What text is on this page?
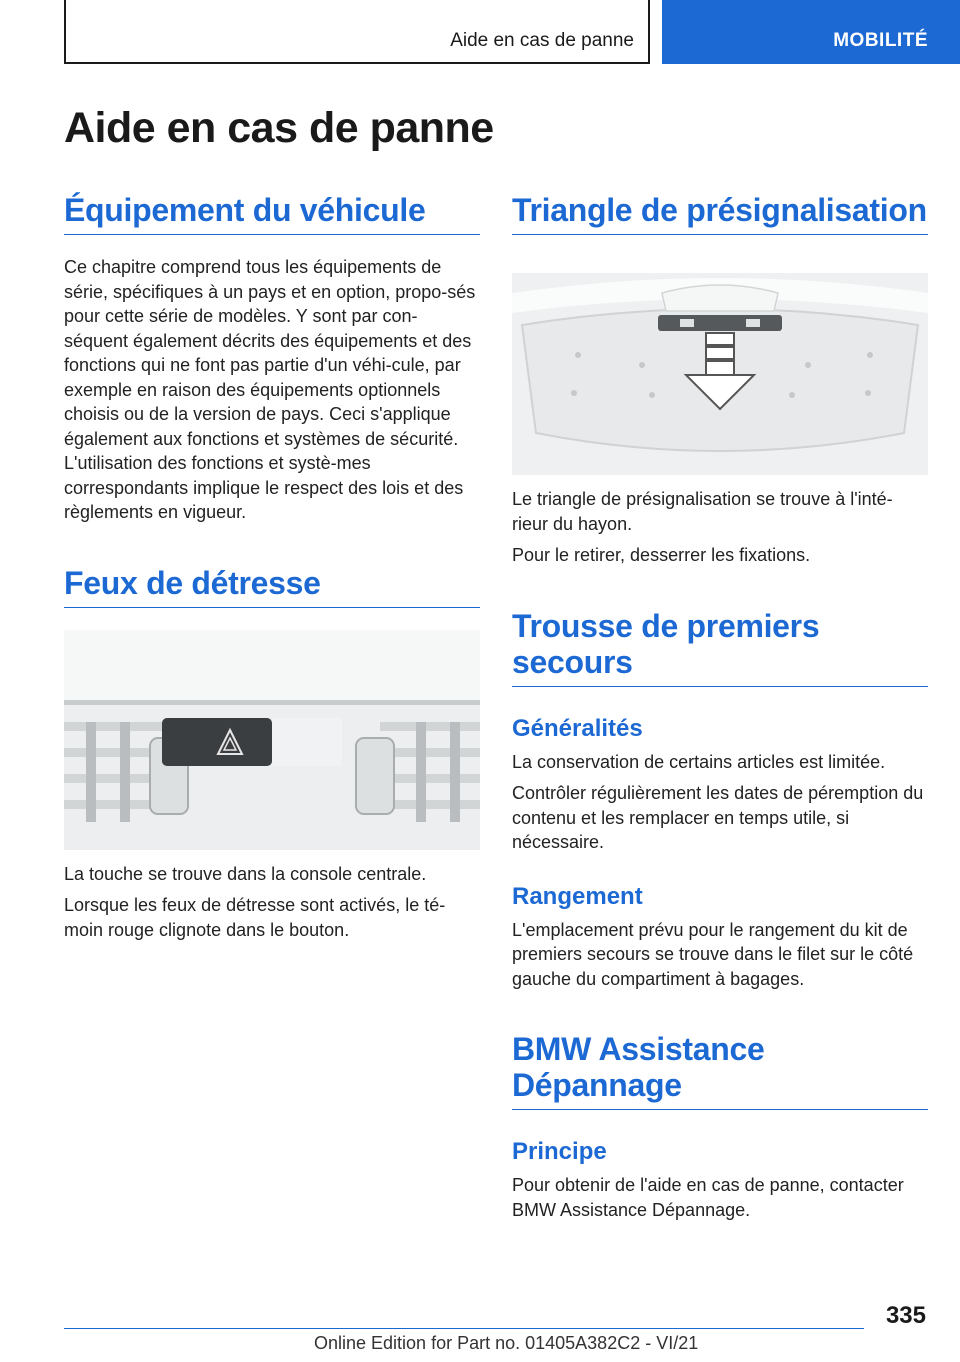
Aide en cas de panne	MOBILITÉ
Aide en cas de panne
Équipement du véhicule

Ce chapitre comprend tous les équipements de série, spécifiques à un pays et en option, propo-sés pour cette série de modèles. Y sont par con-séquent également décrits des équipements et des fonctions qui ne font pas partie d'un véhi-cule, par exemple en raison des équipements optionnels choisis ou de la version de pays. Ceci s'applique également aux fonctions et systèmes de sécurité. L'utilisation des fonctions et systè-mes correspondants implique le respect des lois et des règlements en vigueur.

Feux de détresse

La touche se trouve dans la console centrale.

Lorsque les feux de détresse sont activés, le té-moin rouge clignote dans le bouton.

Triangle de présignalisation

Le triangle de présignalisation se trouve à l'inté-rieur du hayon.

Pour le retirer, desserrer les fixations.

Trousse de premiers secours
Généralités

La conservation de certains articles est limitée.

Contrôler régulièrement les dates de péremption du contenu et les remplacer en temps utile, si nécessaire.

Rangement

L'emplacement prévu pour le rangement du kit de premiers secours se trouve dans le filet sur le côté gauche du compartiment à bagages.

BMW Assistance Dépannage
Principe

Pour obtenir de l'aide en cas de panne, contacter BMW Assistance Dépannage.

335
Online Edition for Part no. 01405A382C2 - VI/21
